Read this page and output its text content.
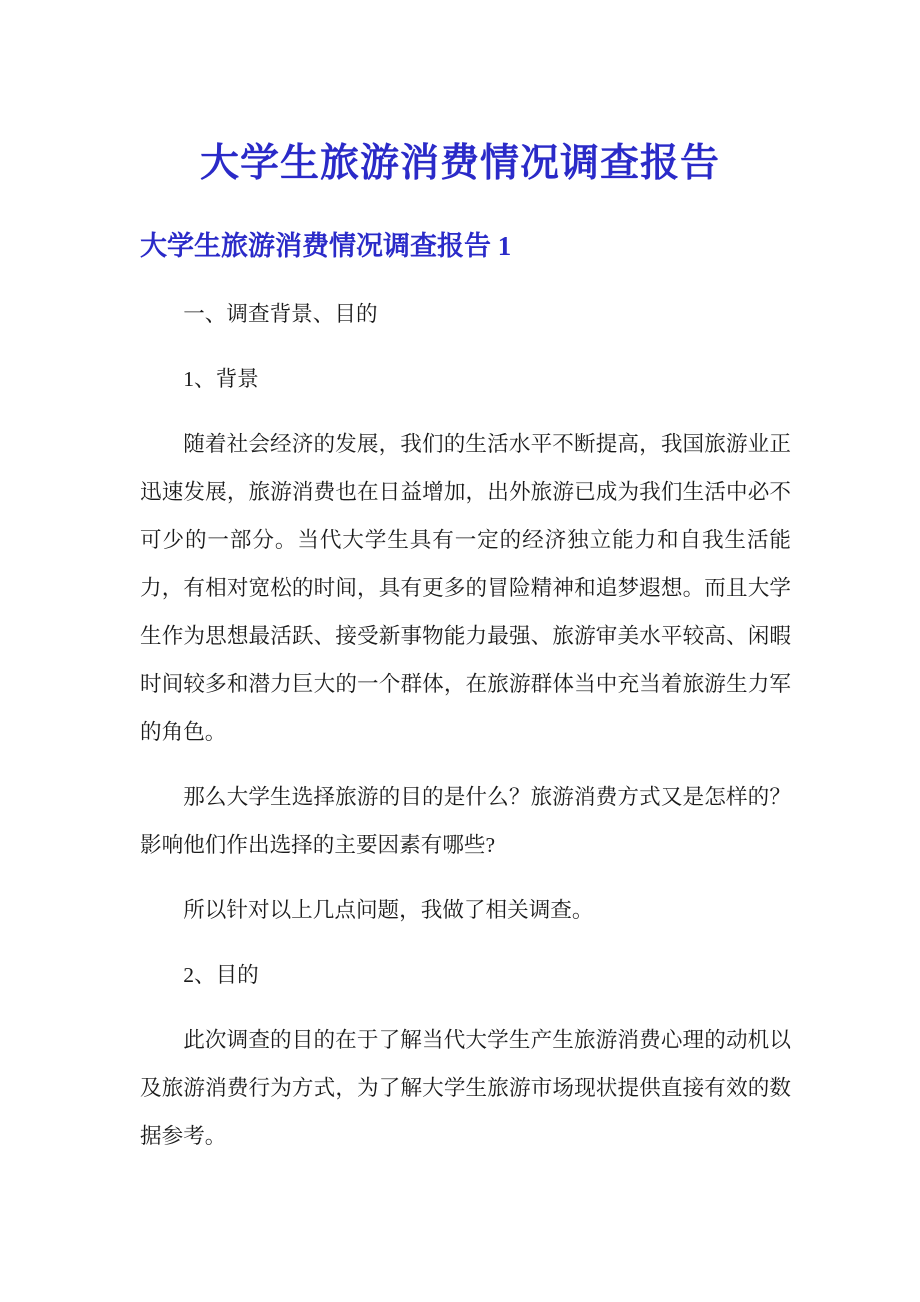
大学生旅游消费情况调查报告
大学生旅游消费情况调查报告 1

一、调查背景、目的

1、背景

随着社会经济的发展，我们的生活水平不断提高，我国旅游业正迅速发展，旅游消费也在日益增加，出外旅游已成为我们生活中必不可少的一部分。当代大学生具有一定的经济独立能力和自我生活能力，有相对宽松的时间，具有更多的冒险精神和追梦遐想。而且大学生作为思想最活跃、接受新事物能力最强、旅游审美水平较高、闲暇时间较多和潜力巨大的一个群体，在旅游群体当中充当着旅游生力军的角色。

那么大学生选择旅游的目的是什么？旅游消费方式又是怎样的？影响他们作出选择的主要因素有哪些?

所以针对以上几点问题，我做了相关调查。

2、目的

此次调查的目的在于了解当代大学生产生旅游消费心理的动机以及旅游消费行为方式，为了解大学生旅游市场现状提供直接有效的数据参考。
